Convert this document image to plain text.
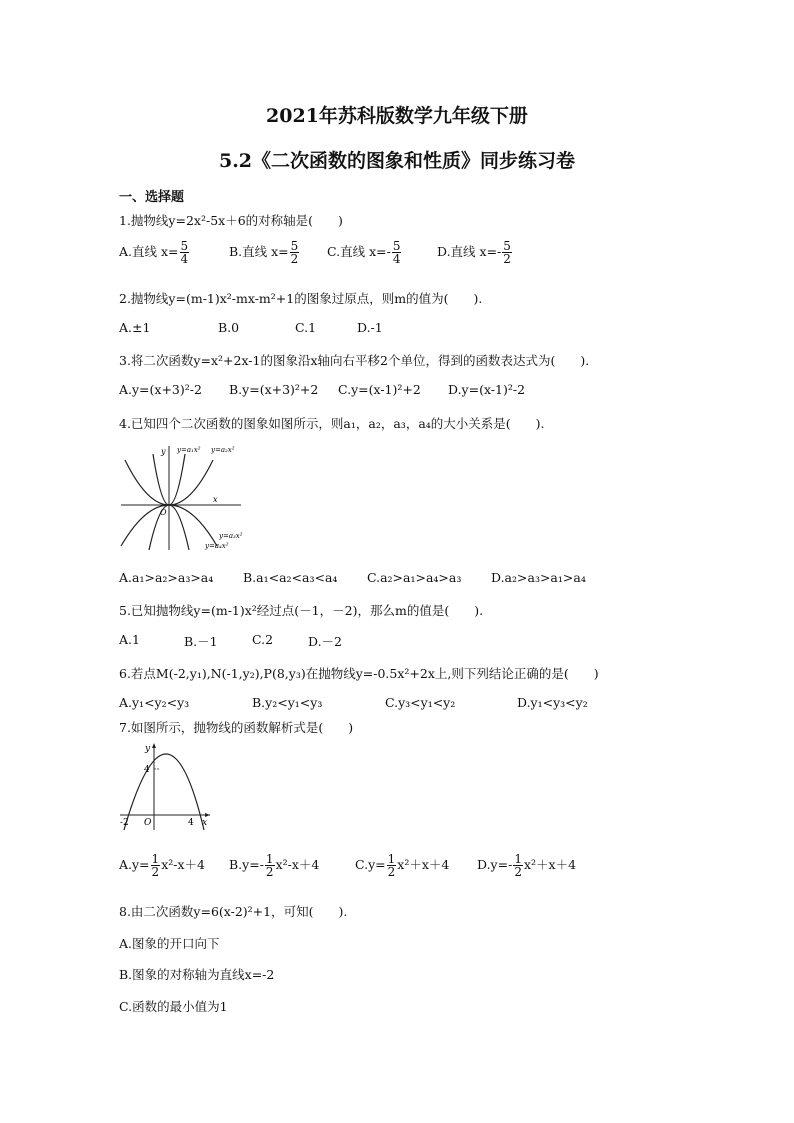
2021年苏科版数学九年级下册
5.2《二次函数的图象和性质》同步练习卷
一、选择题
1.抛物线y=2x²-5x＋6的对称轴是(　　)
A.直线 $x= \frac{5}{4}$	B.直线 $x= \frac{5}{2} C$.直线 $x=- \frac{5}{4}$	D.直线 $x=- \frac{5}{2}$
2.抛物线y=(m-1)x²-mx-m²+1的图象过原点，则m的值为(　　).
A.±1	B.0	C.1	D.-1
3.将二次函数y=x²+2x-1的图象沿x轴向右平移2个单位，得到的函数表达式为(　　).
A.y=(x+3)²-2 B.y=(x+3)²+2 C.y=(x-1)²+2 D.y=(x-1)²-2
4.已知四个二次函数的图象如图所示，则a₁，a₂，a₃，a₄的大小关系是(　　).
y=a₁x² y=a₂x²
y=a₃x²
y=a₄x²
x
y
O
A.a₁>a₂>a₃>a₄ B.a₁<a₂<a₃<a₄ C.a₂>a₁>a₄>a₃ D.a₂>a₃>a₁>a₄
5.已知抛物线y=(m-1)x²经过点(－1，－2)，那么m的值是(　　).
A.1	B.－1	C.2	D.－2
6.若点M(-2,y₁),N(-1,y₂),P(8,y₃)在抛物线y=-0.5x²+2x上,则下列结论正确的是(　　)
A.y₁<y₂<y₃	B.y₂<y₁<y₃	C.y₃<y₁<y₂	D.y₁<y₃<y₂
7.如图所示，抛物线的函数解析式是(　　)
y
4
-2 O	4 x
$A.y= \frac{1}{2} x^2-x+4$ $B.y=- \frac{1}{2} x^2-x+4$	$C.y= \frac{1}{2} x^2+x+4$ $D.y=- \frac{1}{2} x^2+x+4$
8.由二次函数y=6(x-2)²+1，可知(　　).
A.图象的开口向下
B.图象的对称轴为直线x=-2
C.函数的最小值为1
